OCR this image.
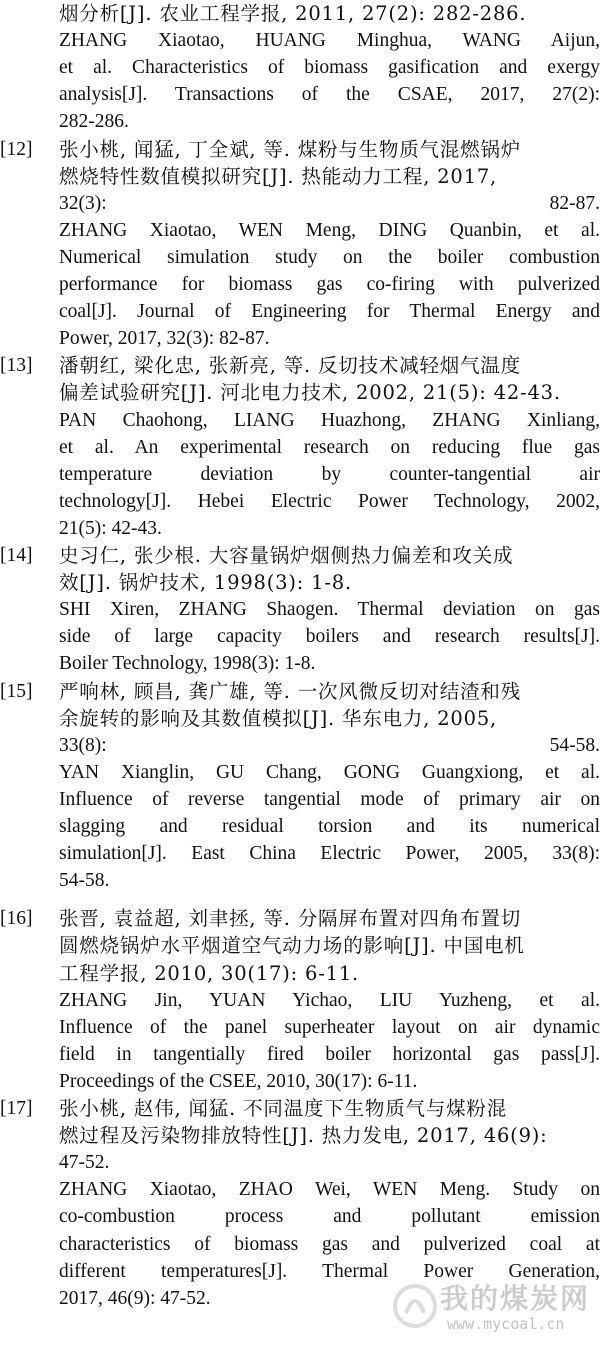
烟分析[J]. 农业工程学报, 2011, 27(2): 282-286.
ZHANG Xiaotao, HUANG Minghua, WANG Aijun,
et al. Characteristics of biomass gasification and exergy
analysis[J]. Transactions of the CSAE, 2017, 27(2):
282-286.
[12]	张小桃, 闻猛, 丁全斌, 等. 煤粉与生物质气混燃锅炉
燃烧特性数值模拟研究[J]. 热能动力工程, 2017,
32(3): 82-87.
ZHANG Xiaotao, WEN Meng, DING Quanbin, et al.
Numerical simulation study on the boiler combustion
performance for biomass gas co-firing with pulverized
coal[J]. Journal of Engineering for Thermal Energy and
Power, 2017, 32(3): 82-87.
[13]	潘朝红, 梁化忠, 张新亮, 等. 反切技术减轻烟气温度
偏差试验研究[J]. 河北电力技术, 2002, 21(5): 42-43.
PAN Chaohong, LIANG Huazhong, ZHANG Xinliang,
et al. An experimental research on reducing flue gas
temperature deviation by counter-tangential air
technology[J]. Hebei Electric Power Technology, 2002,
21(5): 42-43.
[14]	史习仁, 张少根. 大容量锅炉烟侧热力偏差和攻关成
效[J]. 锅炉技术, 1998(3): 1-8.
SHI Xiren, ZHANG Shaogen. Thermal deviation on gas
side of large capacity boilers and research results[J].
Boiler Technology, 1998(3): 1-8.
[15]	严响林, 顾昌, 龚广雄, 等. 一次风微反切对结渣和残
余旋转的影响及其数值模拟[J]. 华东电力, 2005,
33(8): 54-58.
YAN Xianglin, GU Chang, GONG Guangxiong, et al.
Influence of reverse tangential mode of primary air on
slagging and residual torsion and its numerical
simulation[J]. East China Electric Power, 2005, 33(8):
54-58.
[16]	张晋, 袁益超, 刘聿拯, 等. 分隔屏布置对四角布置切
圆燃烧锅炉水平烟道空气动力场的影响[J]. 中国电机
工程学报, 2010, 30(17): 6-11.
ZHANG Jin, YUAN Yichao, LIU Yuzheng, et al.
Influence of the panel superheater layout on air dynamic
field in tangentially fired boiler horizontal gas pass[J].
Proceedings of the CSEE, 2010, 30(17): 6-11.
[17]	张小桃, 赵伟, 闻猛. 不同温度下生物质气与煤粉混
燃过程及污染物排放特性[J]. 热力发电, 2017, 46(9):
47-52.
ZHANG Xiaotao, ZHAO Wei, WEN Meng. Study on
co-combustion process and pollutant emission
characteristics of biomass gas and pulverized coal at
different temperatures[J]. Thermal Power Generation,
2017, 46(9): 47-52.	我的煤炭网
www.mycoal.cn
